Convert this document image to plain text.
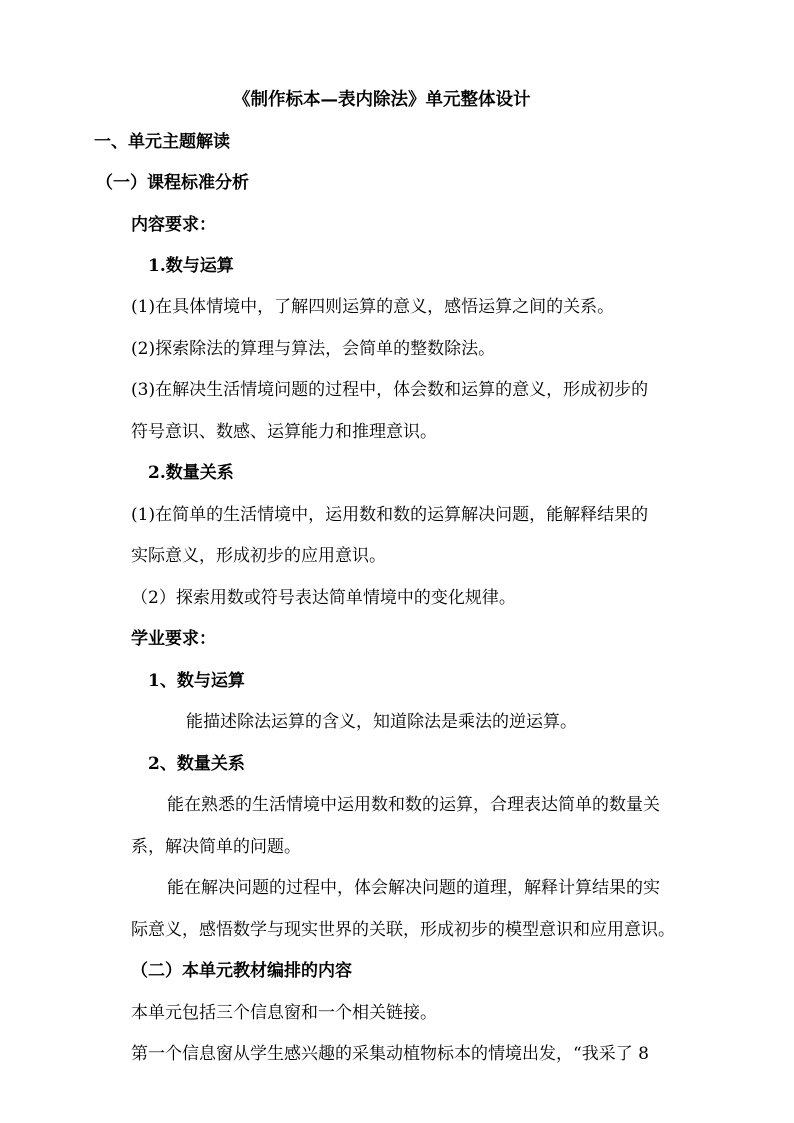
《制作标本—表内除法》单元整体设计
一、单元主题解读
（一）课程标准分析
内容要求：
1.数与运算
(1)在具体情境中，了解四则运算的意义，感悟运算之间的关系。
(2)探索除法的算理与算法，会简单的整数除法。
(3)在解决生活情境问题的过程中，体会数和运算的意义，形成初步的
符号意识、数感、运算能力和推理意识。
2.数量关系
(1)在简单的生活情境中，运用数和数的运算解决问题，能解释结果的
实际意义，形成初步的应用意识。
（2）探索用数或符号表达简单情境中的变化规律。
学业要求：
1、数与运算
能描述除法运算的含义，知道除法是乘法的逆运算。
2、数量关系
能在熟悉的生活情境中运用数和数的运算，合理表达简单的数量关
系，解决简单的问题。
能在解决问题的过程中，体会解决问题的道理，解释计算结果的实
际意义，感悟数学与现实世界的关联，形成初步的模型意识和应用意识。
（二）本单元教材编排的内容
本单元包括三个信息窗和一个相关链接。
第一个信息窗从学生感兴趣的采集动植物标本的情境出发，“我采了 8
